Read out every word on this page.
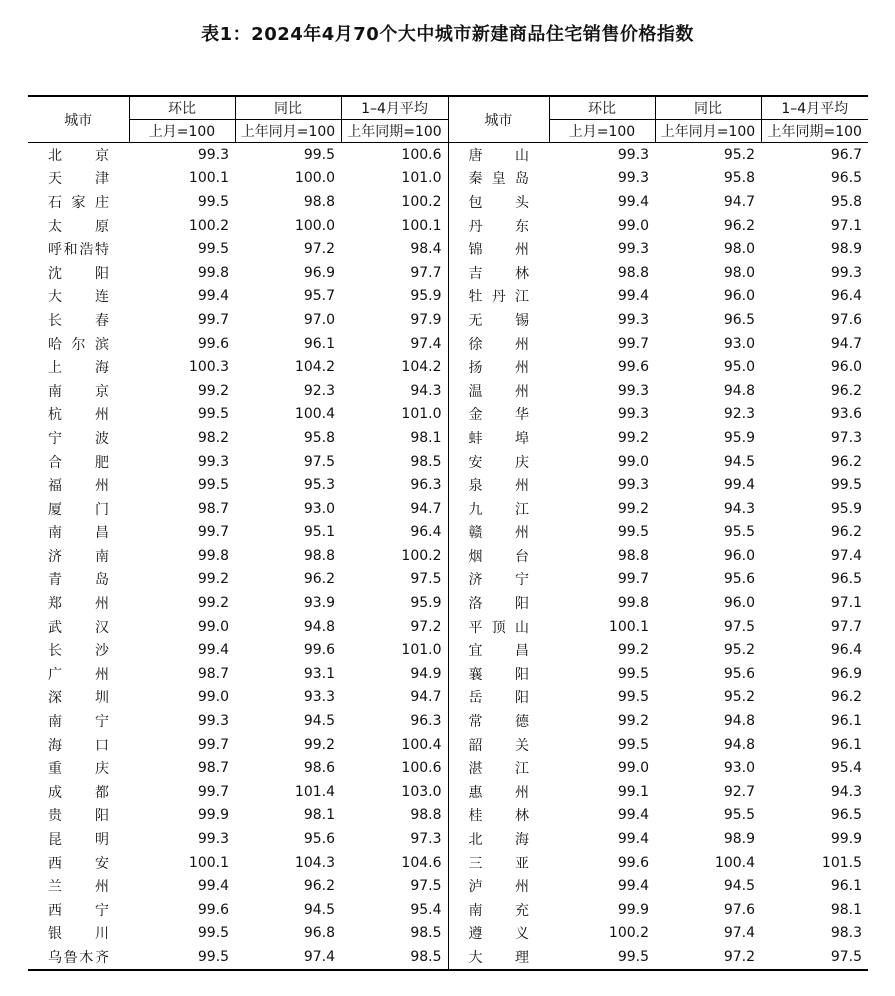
表1：2024年4月70个大中城市新建商品住宅销售价格指数
城市	环比	同比	1–4月平均	城市	环比	同比	1–4月平均
	上月=100	上年同月=100	上年同期=100		上月=100	上年同月=100	上年同期=100
北京	99.3	99.5	100.6	唐山	99.3	95.2	96.7
天津	100.1	100.0	101.0	秦皇岛	99.3	95.8	96.5
石家庄	99.5	98.8	100.2	包头	99.4	94.7	95.8
太原	100.2	100.0	100.1	丹东	99.0	96.2	97.1
呼和浩特	99.5	97.2	98.4	锦州	99.3	98.0	98.9
沈阳	99.8	96.9	97.7	吉林	98.8	98.0	99.3
大连	99.4	95.7	95.9	牡丹江	99.4	96.0	96.4
长春	99.7	97.0	97.9	无锡	99.3	96.5	97.6
哈尔滨	99.6	96.1	97.4	徐州	99.7	93.0	94.7
上海	100.3	104.2	104.2	扬州	99.6	95.0	96.0
南京	99.2	92.3	94.3	温州	99.3	94.8	96.2
杭州	99.5	100.4	101.0	金华	99.3	92.3	93.6
宁波	98.2	95.8	98.1	蚌埠	99.2	95.9	97.3
合肥	99.3	97.5	98.5	安庆	99.0	94.5	96.2
福州	99.5	95.3	96.3	泉州	99.3	99.4	99.5
厦门	98.7	93.0	94.7	九江	99.2	94.3	95.9
南昌	99.7	95.1	96.4	赣州	99.5	95.5	96.2
济南	99.8	98.8	100.2	烟台	98.8	96.0	97.4
青岛	99.2	96.2	97.5	济宁	99.7	95.6	96.5
郑州	99.2	93.9	95.9	洛阳	99.8	96.0	97.1
武汉	99.0	94.8	97.2	平顶山	100.1	97.5	97.7
长沙	99.4	99.6	101.0	宜昌	99.2	95.2	96.4
广州	98.7	93.1	94.9	襄阳	99.5	95.6	96.9
深圳	99.0	93.3	94.7	岳阳	99.5	95.2	96.2
南宁	99.3	94.5	96.3	常德	99.2	94.8	96.1
海口	99.7	99.2	100.4	韶关	99.5	94.8	96.1
重庆	98.7	98.6	100.6	湛江	99.0	93.0	95.4
成都	99.7	101.4	103.0	惠州	99.1	92.7	94.3
贵阳	99.9	98.1	98.8	桂林	99.4	95.5	96.5
昆明	99.3	95.6	97.3	北海	99.4	98.9	99.9
西安	100.1	104.3	104.6	三亚	99.6	100.4	101.5
兰州	99.4	96.2	97.5	泸州	99.4	94.5	96.1
西宁	99.6	94.5	95.4	南充	99.9	97.6	98.1
银川	99.5	96.8	98.5	遵义	100.2	97.4	98.3
乌鲁木齐	99.5	97.4	98.5	大理	99.5	97.2	97.5
